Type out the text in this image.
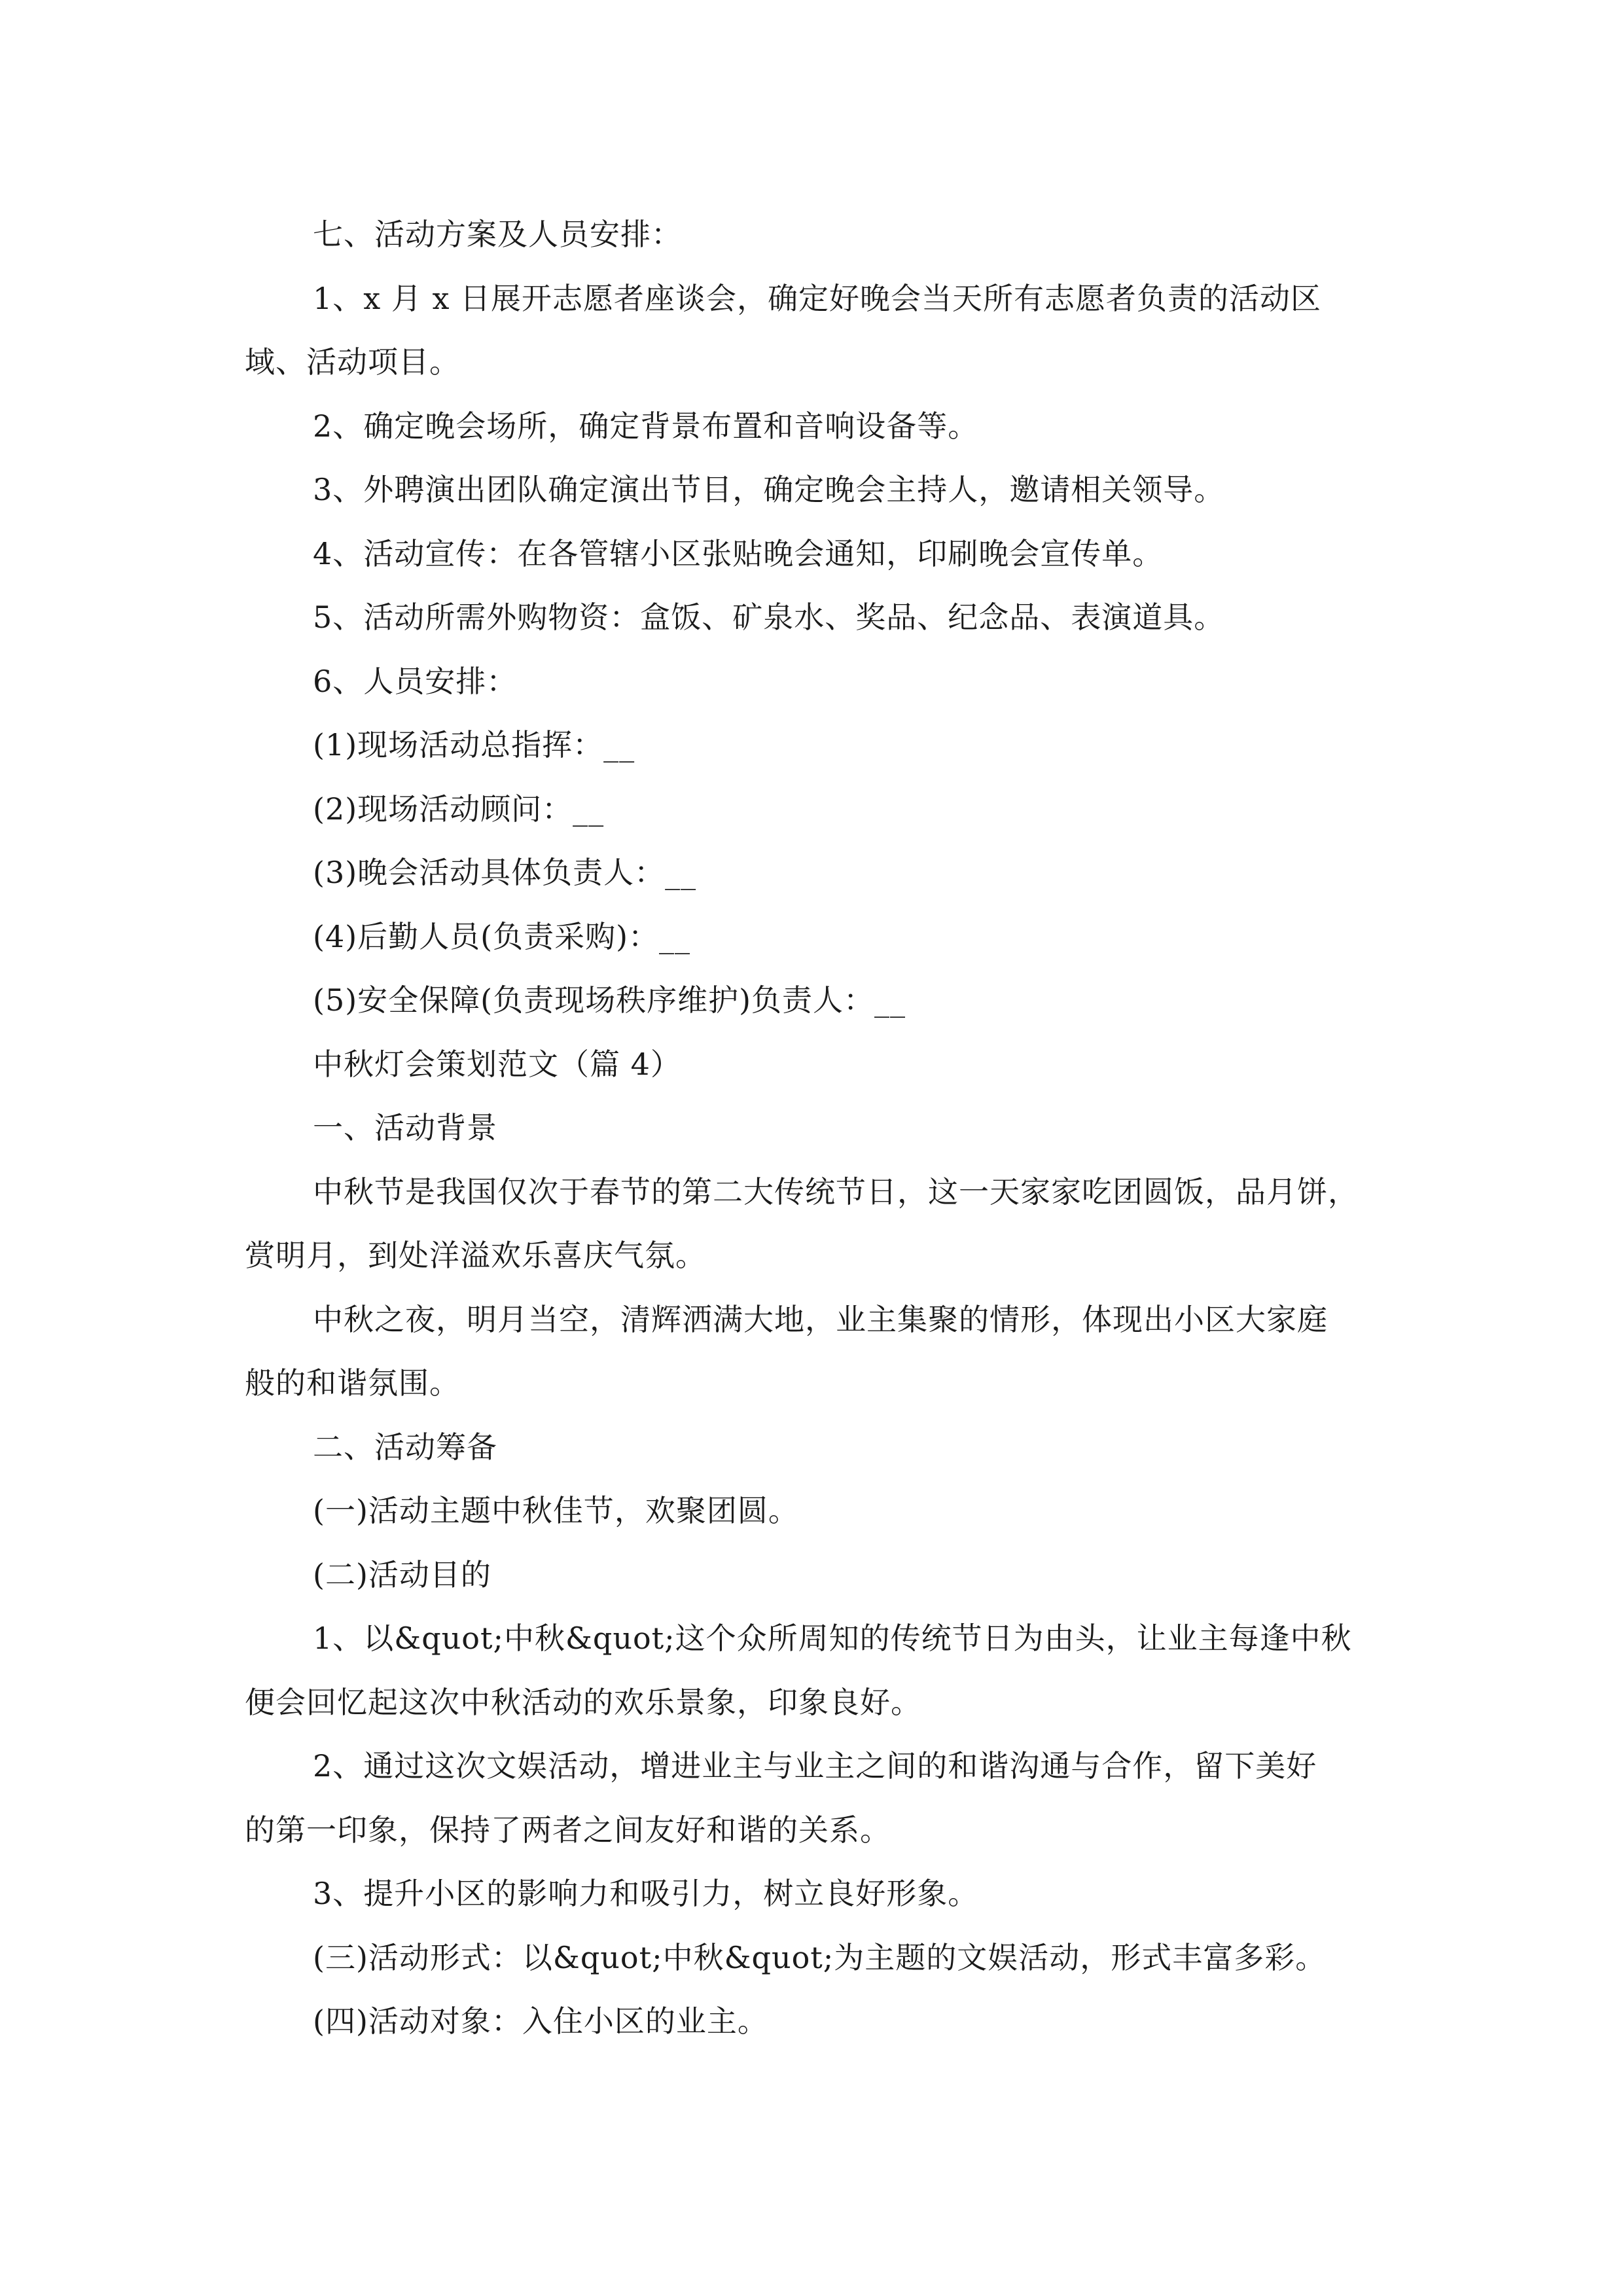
七、活动方案及人员安排：
1、x 月 x 日展开志愿者座谈会，确定好晚会当天所有志愿者负责的活动区
域、活动项目。
2、确定晚会场所，确定背景布置和音响设备等。
3、外聘演出团队确定演出节目，确定晚会主持人，邀请相关领导。
4、活动宣传：在各管辖小区张贴晚会通知，印刷晚会宣传单。
5、活动所需外购物资：盒饭、矿泉水、奖品、纪念品、表演道具。
6、人员安排：
(1)现场活动总指挥：__
(2)现场活动顾问：__
(3)晚会活动具体负责人：__
(4)后勤人员(负责采购)：__
(5)安全保障(负责现场秩序维护)负责人：__
中秋灯会策划范文（篇 4）
一、活动背景
中秋节是我国仅次于春节的第二大传统节日，这一天家家吃团圆饭，品月饼，
赏明月，到处洋溢欢乐喜庆气氛。
中秋之夜，明月当空，清辉洒满大地，业主集聚的情形，体现出小区大家庭
般的和谐氛围。
二、活动筹备
(一)活动主题中秋佳节，欢聚团圆。
(二)活动目的
1、以&quot;中秋&quot;这个众所周知的传统节日为由头，让业主每逢中秋
便会回忆起这次中秋活动的欢乐景象，印象良好。
2、通过这次文娱活动，增进业主与业主之间的和谐沟通与合作，留下美好
的第一印象，保持了两者之间友好和谐的关系。
3、提升小区的影响力和吸引力，树立良好形象。
(三)活动形式：以&quot;中秋&quot;为主题的文娱活动，形式丰富多彩。
(四)活动对象：入住小区的业主。
